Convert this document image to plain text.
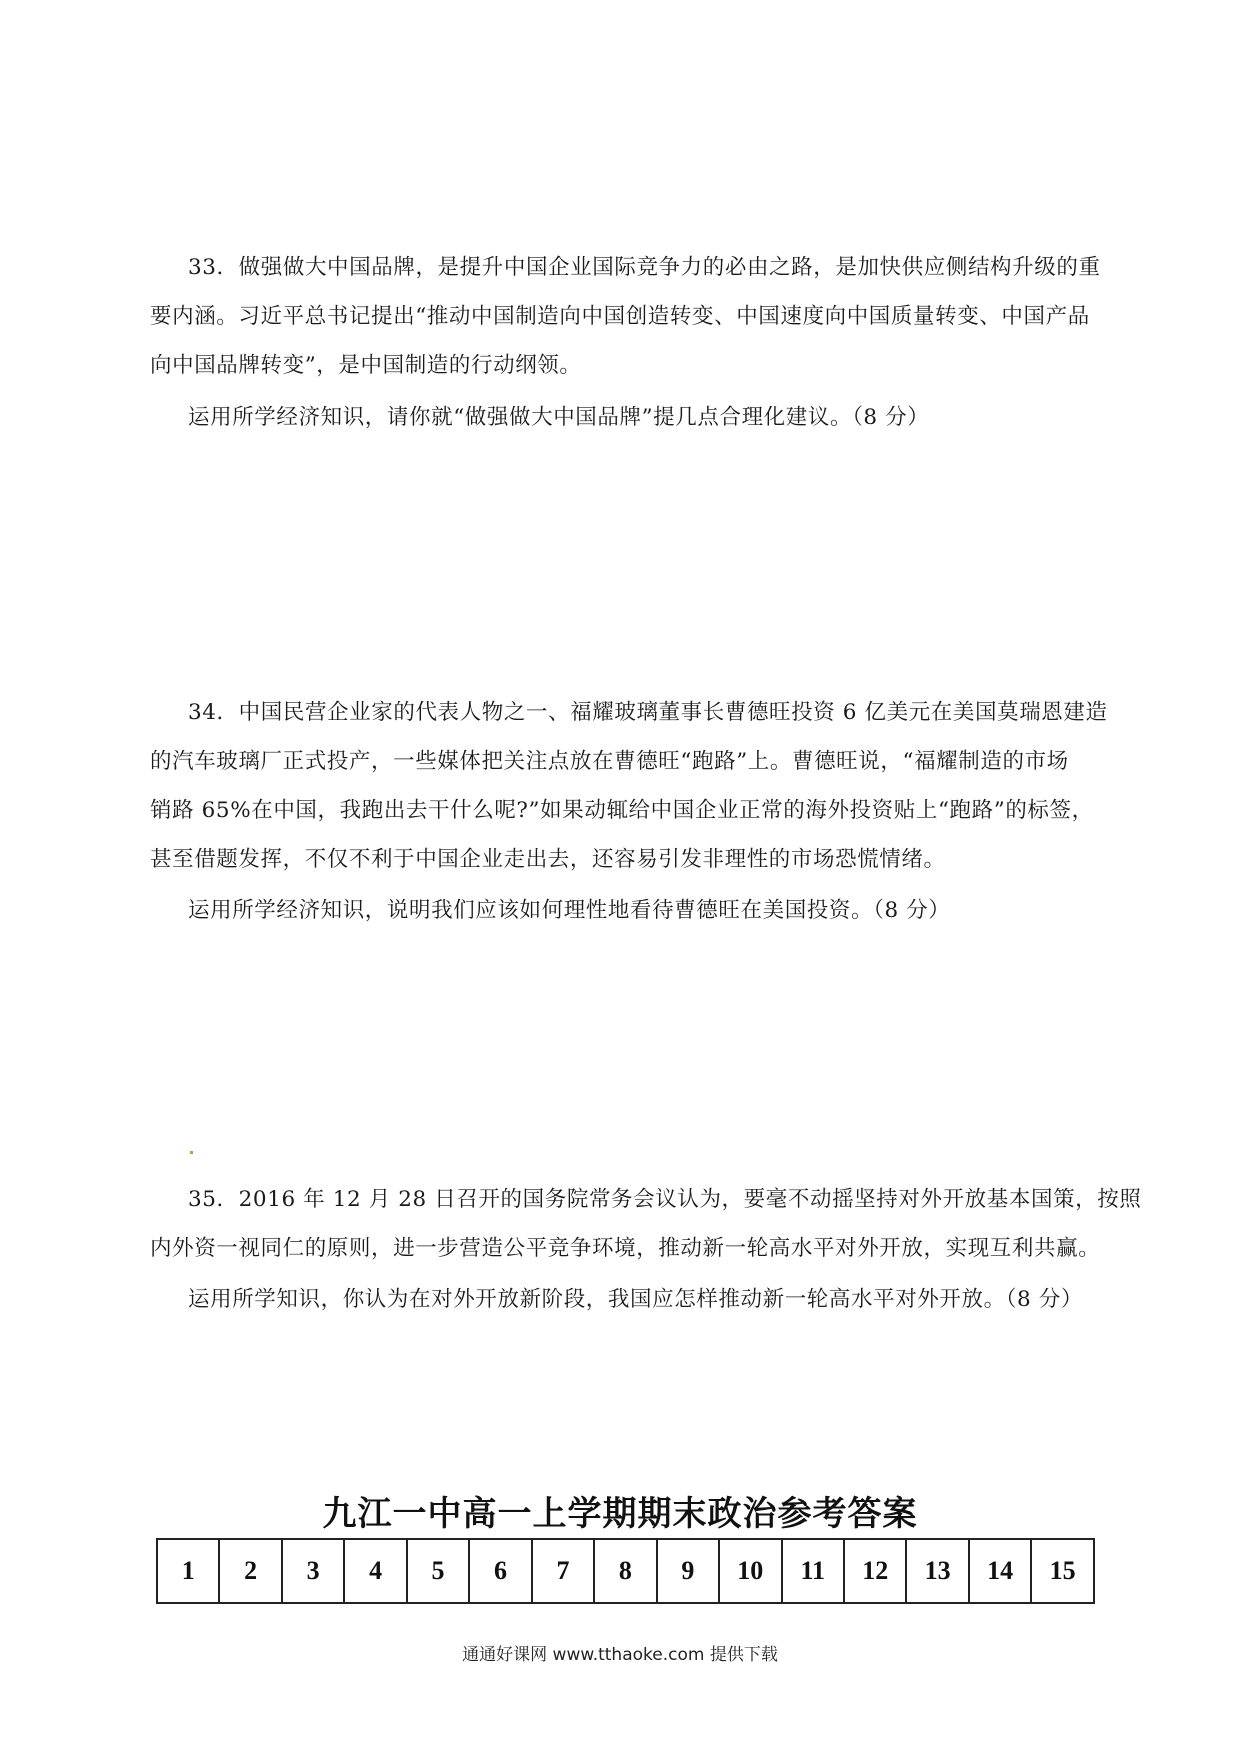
33．做强做大中国品牌，是提升中国企业国际竞争力的必由之路，是加快供应侧结构升级的重
要内涵。习近平总书记提出“推动中国制造向中国创造转变、中国速度向中国质量转变、中国产品
向中国品牌转变”，是中国制造的行动纲领。
运用所学经济知识，请你就“做强做大中国品牌”提几点合理化建议。（8 分）
34．中国民营企业家的代表人物之一、福耀玻璃董事长曹德旺投资 6 亿美元在美国莫瑞恩建造
的汽车玻璃厂正式投产，一些媒体把关注点放在曹德旺“跑路”上。曹德旺说，“福耀制造的市场
销路 65%在中国，我跑出去干什么呢?”如果动辄给中国企业正常的海外投资贴上“跑路”的标签，
甚至借题发挥，不仅不利于中国企业走出去，还容易引发非理性的市场恐慌情绪。
运用所学经济知识，说明我们应该如何理性地看待曹德旺在美国投资。（8 分）
35．2016 年 12 月 28 日召开的国务院常务会议认为，要毫不动摇坚持对外开放基本国策，按照
内外资一视同仁的原则，进一步营造公平竞争环境，推动新一轮高水平对外开放，实现互利共赢。
运用所学知识，你认为在对外开放新阶段，我国应怎样推动新一轮高水平对外开放。（8 分）
九江一中高一上学期期末政治参考答案
1	2	3	4	5	6	7	8	9	10	11	12	13	14	15
通通好课网 www.tthaoke.com 提供下载
